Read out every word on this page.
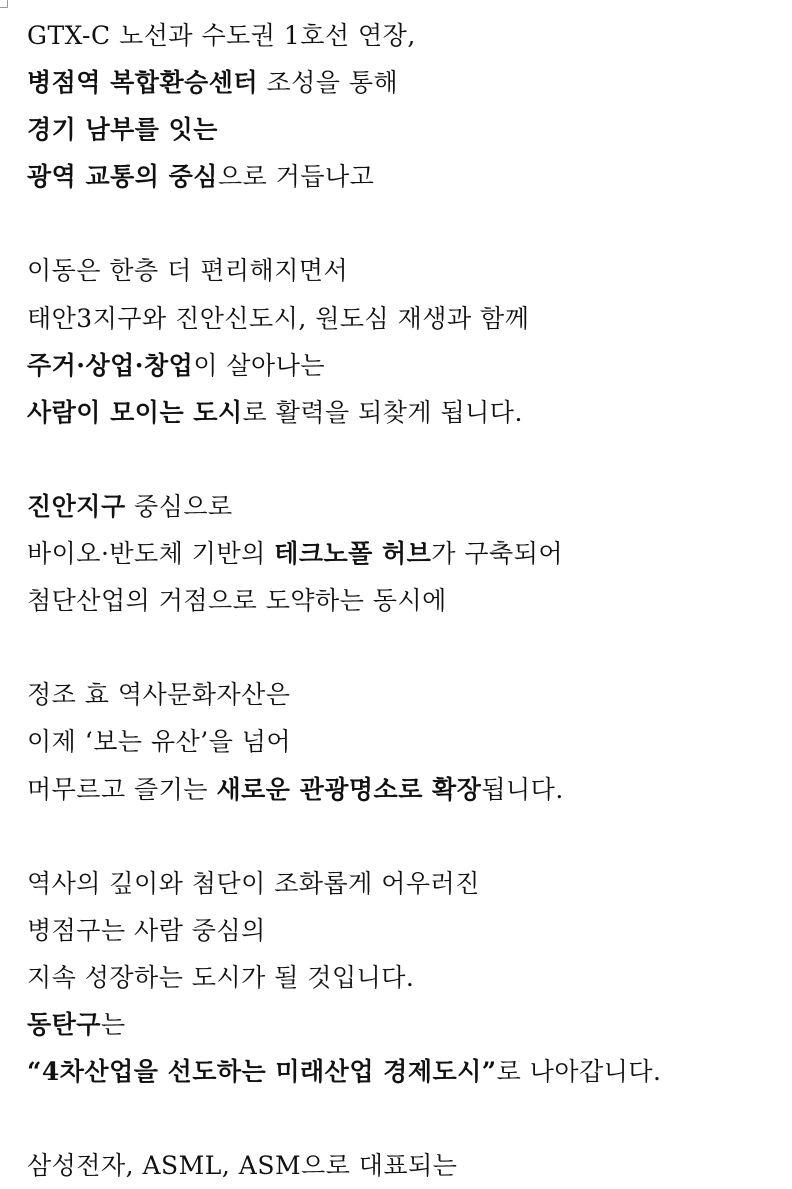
GTX-C 노선과 수도권 1호선 연장,
병점역 복합환승센터 조성을 통해
경기 남부를 잇는
광역 교통의 중심으로 거듭나고
이동은 한층 더 편리해지면서
태안3지구와 진안신도시, 원도심 재생과 함께
주거·상업·창업이 살아나는
사람이 모이는 도시로 활력을 되찾게 됩니다.
진안지구 중심으로
바이오·반도체 기반의 테크노폴 허브가 구축되어
첨단산업의 거점으로 도약하는 동시에
정조 효 역사문화자산은
이제 ‘보는 유산’을 넘어
머무르고 즐기는 새로운 관광명소로 확장됩니다.
역사의 깊이와 첨단이 조화롭게 어우러진
병점구는 사람 중심의
지속 성장하는 도시가 될 것입니다.
동탄구는
“4차산업을 선도하는 미래산업 경제도시”로 나아갑니다.
삼성전자, ASML, ASM으로 대표되는
